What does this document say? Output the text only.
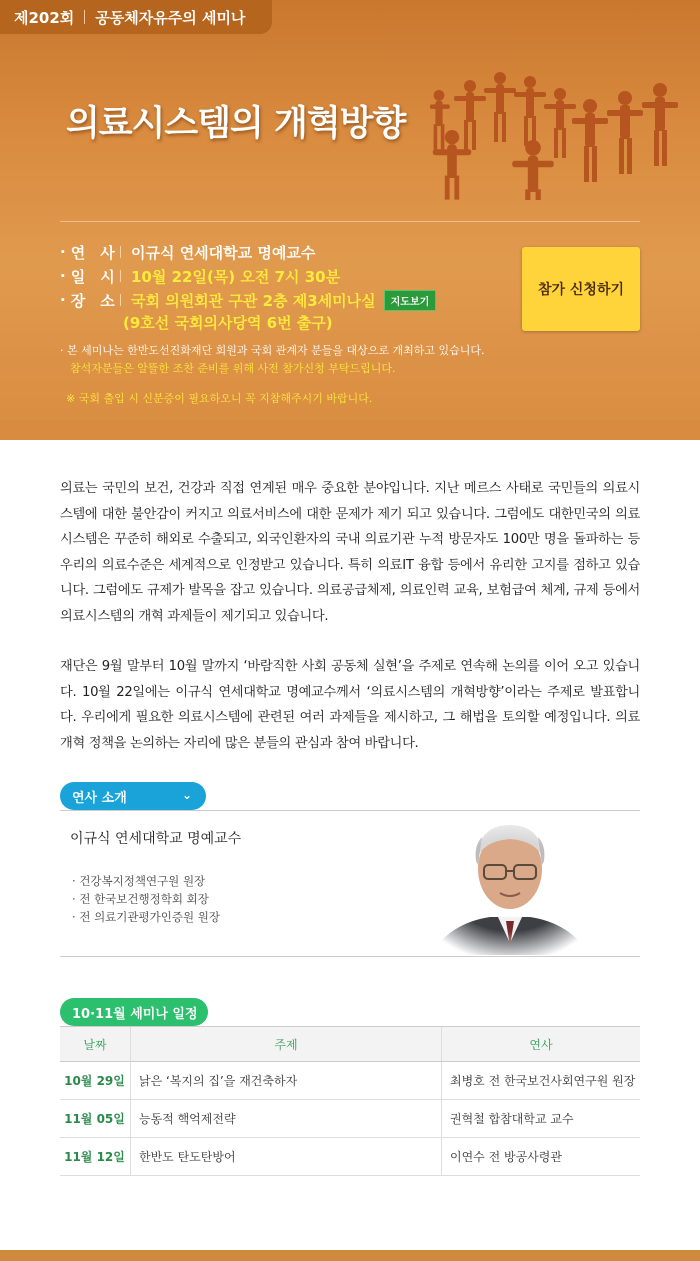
제202회 공동체자유주의 세미나
의료시스템의 개혁방향
· 연　사	이규식 연세대학교 명예교수
· 일　시	10월 22일(목) 오전 7시 30분
· 장　소	국회 의원회관 구관 2층 제3세미나실	지도보기
(9호선 국회의사당역 6번 출구)
· 본 세미나는 한반도선진화재단 회원과 국회 관계자 분들을 대상으로 개최하고 있습니다.
참석자분들은 알뜰한 조찬 준비를 위해 사전 참가신청 부탁드립니다.
※ 국회 출입 시 신분증이 필요하오니 꼭 지참해주시기 바랍니다.
참가 신청하기

의료는 국민의 보건, 건강과 직접 연계된 매우 중요한 분야입니다. 지난 메르스 사태로 국민들의 의료시스템에 대한 불안감이 커지고 의료서비스에 대한 문제가 제기 되고 있습니다. 그럼에도 대한민국의 의료 시스템은 꾸준히 해외로 수출되고, 외국인환자의 국내 의료기관 누적 방문자도 100만 명을 돌파하는 등 우리의 의료수준은 세계적으로 인정받고 있습니다. 특히 의료IT 융합 등에서 유리한 고지를 점하고 있습니다. 그럼에도 규제가 발목을 잡고 있습니다. 의료공급체제, 의료인력 교육, 보험급여 체계, 규제 등에서 의료시스템의 개혁 과제들이 제기되고 있습니다.

재단은 9월 말부터 10월 말까지 ‘바람직한 사회 공동체 실현’을 주제로 연속해 논의를 이어 오고 있습니다. 10월 22일에는 이규식 연세대학교 명예교수께서 ‘의료시스템의 개혁방향’이라는 주제로 발표합니다. 우리에게 필요한 의료시스템에 관련된 여러 과제들을 제시하고, 그 해법을 토의할 예정입니다. 의료개혁 정책을 논의하는 자리에 많은 분들의 관심과 참여 바랍니다.

연사 소개	⌄
이규식 연세대학교 명예교수
· 건강복지정책연구원 원장
· 전 한국보건행정학회 회장
· 전 의료기관평가인증원 원장
10·11월 세미나 일정
날짜	주제	연사
10월 29일	낡은 ‘복지의 집’을 재건축하자	최병호 전 한국보건사회연구원 원장
11월 05일	능동적 핵억제전략	권혁철 합참대학교 교수
11월 12일	한반도 탄도탄방어	이연수 전 방공사령관
